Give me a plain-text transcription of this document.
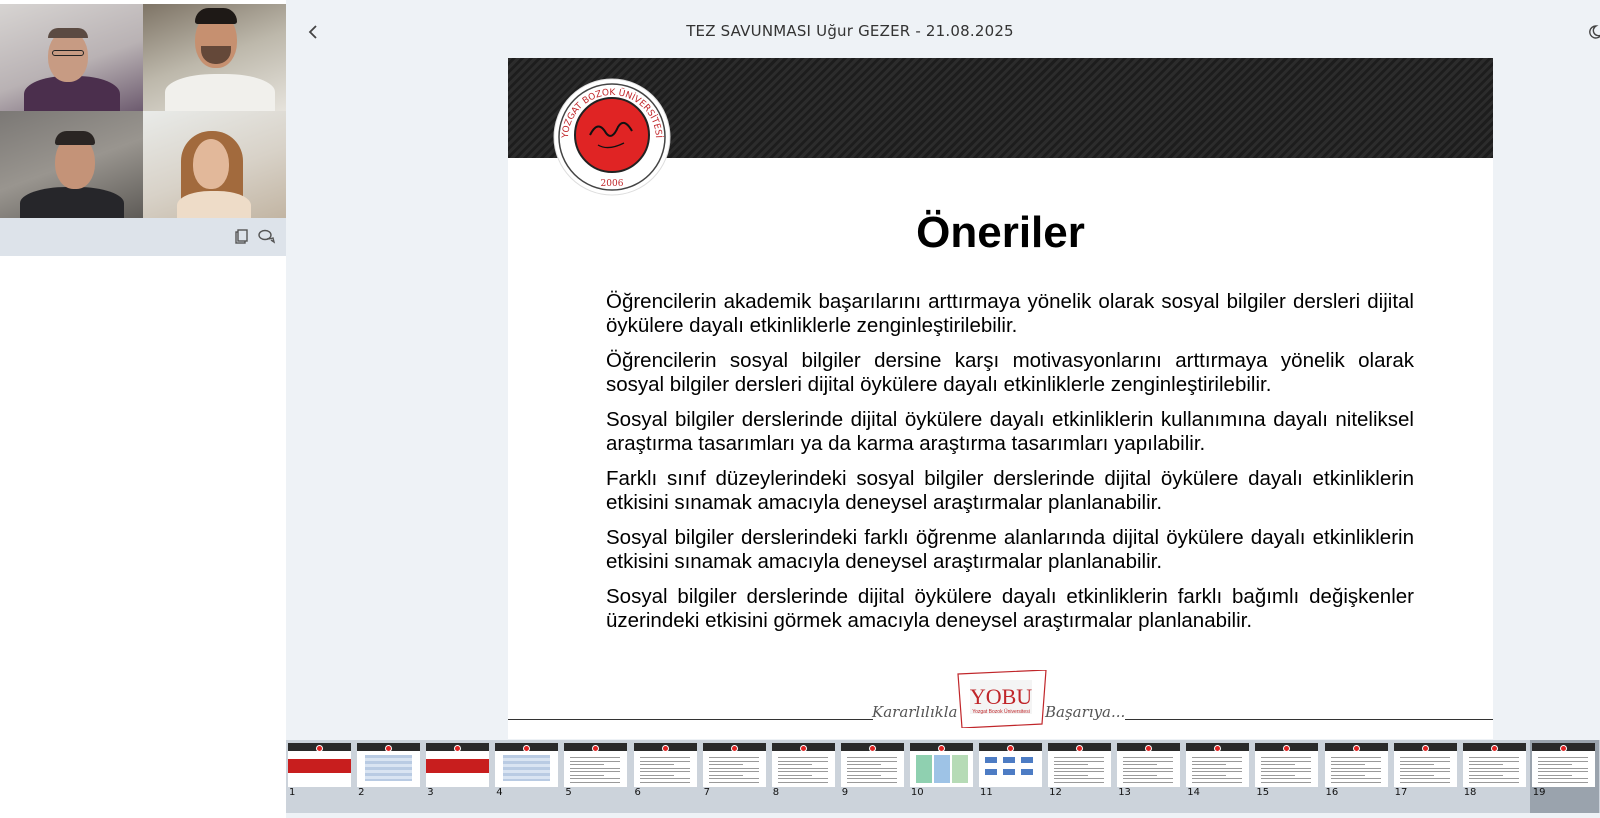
TEZ SAVUNMASI Uğur GEZER - 21.08.2025
YOZGAT BOZOK ÜNİVERSİTESİ
2006
Öneriler

Öğrencilerin akademik başarılarını arttırmaya yönelik olarak sosyal bilgiler dersleri dijital öykülere dayalı etkinliklerle zenginleştirilebilir.

Öğrencilerin sosyal bilgiler dersine karşı motivasyonlarını arttırmaya yönelik olarak sosyal bilgiler dersleri dijital öykülere dayalı etkinliklerle zenginleştirilebilir.

Sosyal bilgiler derslerinde dijital öykülere dayalı etkinliklerin kullanımına dayalı niteliksel araştırma tasarımları ya da karma araştırma tasarımları yapılabilir.

Farklı sınıf düzeylerindeki sosyal bilgiler derslerinde dijital öykülere dayalı etkinliklerin etkisini sınamak amacıyla deneysel araştırmalar planlanabilir.

Sosyal bilgiler derslerindeki farklı öğrenme alanlarında dijital öykülere dayalı etkinliklerin etkisini sınamak amacıyla deneysel araştırmalar planlanabilir.

Sosyal bilgiler derslerinde dijital öykülere dayalı etkinliklerin farklı bağımlı değişkenler üzerindeki etkisini görmek amacıyla deneysel araştırmalar planlanabilir.

Kararlılıkla	Başarıya...
YOBU
Yozgat Bozok Üniversitesi
1	2	3	4	5	6	7	8	9	10	11	12	13	14	15	16	17	18	19
